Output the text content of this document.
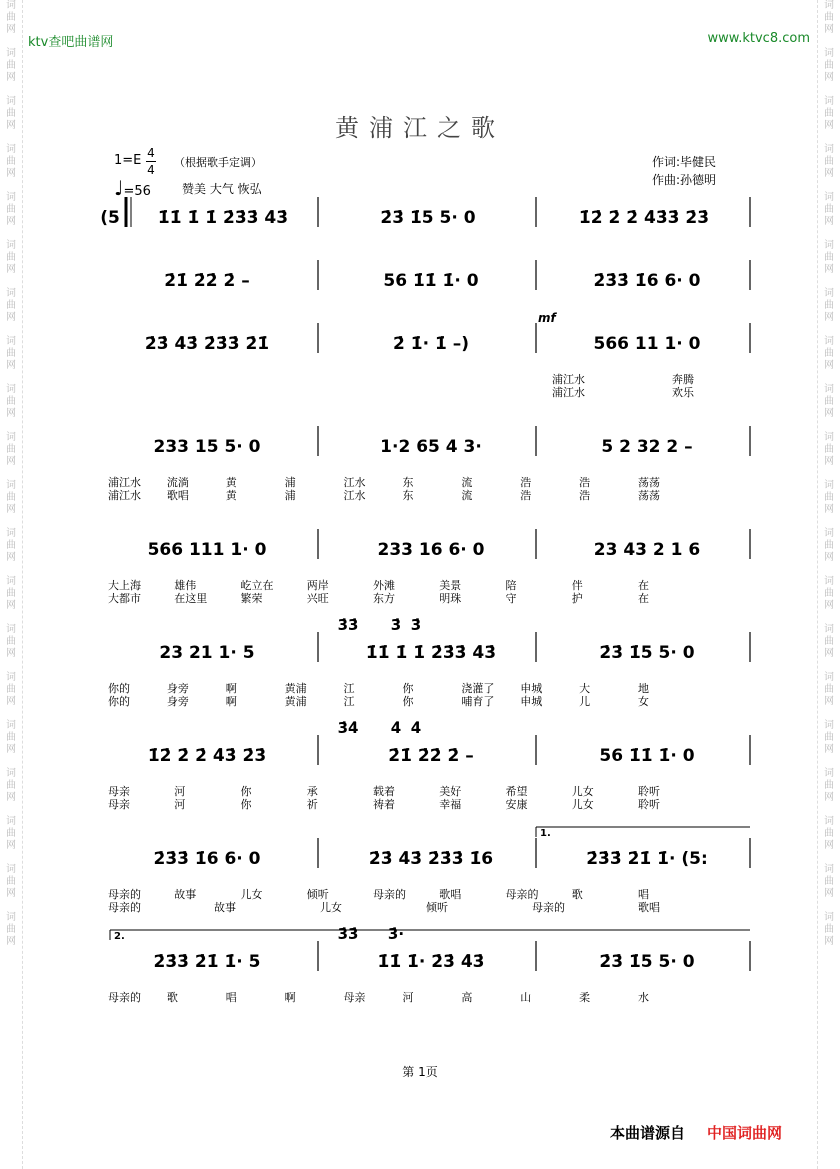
词
曲
网
词
曲
网
词
曲
网
词
曲
网
词
曲
网
词
曲
网
词
曲
网
词
曲
网
词
曲
网
词
曲
网
词
曲
网
词
曲
网
词
曲
网
词
曲
网
词
曲
网
词
曲
网
词
曲
网
词
曲
网
词
曲
网
词
曲
网
词
曲
网
词
曲
网
词
曲
网
词
曲
网
词
曲
网
词
曲
网
词
曲
网
词
曲
网
词
曲
网
词
曲
网
词
曲
网
词
曲
网
词
曲
网
词
曲
网
词
曲
网
词
曲
网
词
曲
网
词
曲
网
词
曲
网
词
曲
网
ktv查吧曲谱网	www.ktvc8.com
黄浦江之歌
1=E 4
4
（根据歌手定调）
♩=56	赞美 大气 恢弘
作词:毕健民
作曲:孙德明
(5 1̇1̇ 1̇ 1̇ 2̇3̇3̇ 4̇3̇	2̇3̇ 1̇5 5· 0	1̇2̇ 2̇ 2̇ 4̇3̇3̇ 2̇3̇
2̇1̇ 2̇2̇ 2̇ –	56 1̇1̇ 1̇· 0	2̇3̇3̇ 1̇6 6· 0
2̇3̇ 4̇3̇ 2̇3̇3̇ 2̇1̇	2̇ 1̇· 1̇ –)	566 11 1· 0
233 15 5· 0	1·2 65 4 3·	5 2 32 2 –
566 111 1· 0	233 16 6· 0	23 43 2 1 6
23 21 1· 5	1̇1̇ 1̇ 1̇ 2̇3̇3̇ 4̇3̇	2̇3̇ 1̇5 5· 0
3̇3̇ 3̇ 3̇
1̇2̇ 2̇ 2̇ 4̇3̇ 2̇3̇	2̇1̇ 2̇2̇ 2̇ –	56 1̇1̇ 1̇· 0
3̇4̇ 4̇ 4̇
2̇3̇3̇ 1̇6 6· 0	2̇3̇ 4̇3̇ 2̇3̇3̇ 1̇6	2̇3̇3̇ 2̇1̇ 1̇· (5:
2̇3̇3̇ 2̇1̇ 1̇· 5	1̇1̇ 1̇· 2̇3̇ 4̇3̇	2̇3̇ 1̇5 5· 0
3̇3̇ 3̇·
mf
1.
2.
浦江水	奔腾
浦江水	欢乐
浦江水 流淌	黄	浦	江水	东	流	浩	浩	荡荡
浦江水 歌唱	黄	浦	江水	东	流	浩	浩	荡荡
大上海	雄伟	屹立在	两岸	外滩	美景	陪	伴	在
大都市	在这里	繁荣	兴旺	东方	明珠	守	护	在
你的	身旁	啊	黄浦	江	你	浇灌了 申城	大	地
你的	身旁	啊	黄浦	江	你	哺育了 申城	儿	女
母亲	河	你	承	载着	美好	希望	儿女	聆听
母亲	河	你	祈	祷着	幸福	安康	儿女	聆听
母亲的	故事	儿女	倾听	母亲的	歌唱	母亲的	歌	唱
母亲的	故事	儿女	倾听	母亲的	歌唱
母亲的 歌	唱	啊	母亲	河	高	山	柔	水
第 1页
本曲谱源自 中国词曲网
